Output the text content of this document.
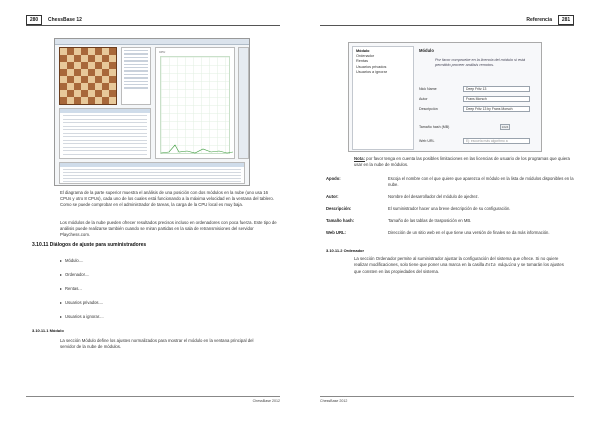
280	ChessBase 12
CPU
El diagrama de la parte superior muestra el análisis de una posición con dos módulos en la nube (uno usa 16 CPUs y otro 8 CPUs), cada uno de los cuales está funcionando a la máxima velocidad en la ventana del tablero. Como se puede comprobar en el administrador de tareas, la carga de la CPU local es muy baja.
Los módulos de la nube pueden ofrecer resultados precisos incluso en ordenadores con poca fuerza. Este tipo de análisis puede realizarse también cuando se miran partidas en la sala de retransmisiones del servidor Playchess.com.
3.10.11 Diálogos de ajuste para suministradores
▸ Módulo....
▸ Ordenador....
▸ Rentas...
▸ Usuarios privados....
▸ Usuarios a ignorar....
3.10.11.1 Módulo
La sección Módulo define los ajustes normalizados para mostrar el módulo en la ventana principal del servidor de la nube de módulos.
ChessBase 2012
Referencia	281
Módulo
Ordenador
Rentas
Usuarios privados
Usuarios a ignorar
Módulo
Por favor compruebe en la licencia del módulo si está permitido proveer análisis remotos.
Nick Name	Deep Fritz 13
Autor	Frans Morsch
Descripción	Deep Fritz 13 by Frans Morsch
Tamaño hash (MB)	1024
Web URL	Ej: escuela más algoritmo a
Nota: por favor tenga en cuenta las posibles limitaciones en las licencias de usuario de los programas que quiera usar en la nube de módulos.
Apodo:	Escoja el nombre con el que quiere que aparezca el módulo en la lista de módulos disponibles en la nube.
Autor:	Nombre del desarrollador del módulo de ajedrez.
Descripción:	El suministrador hacer una breve descripción de su configuración.
Tamaño hash:	Tamaño de las tablas de trasposición en MB.
Web URL:	Dirección de un sitio web en el que tiene una versión de finales se da más información.
3.10.11.2 Ordenador
La sección Ordenador permite al suministrador ajustar la configuración del sistema que ofrece. Si no quiere realizar modificaciones, solo tiene que poner una marca en la casilla Esta máquina y se tomarán los ajustes que consten en las propiedades del sistema.
ChessBase 2012
